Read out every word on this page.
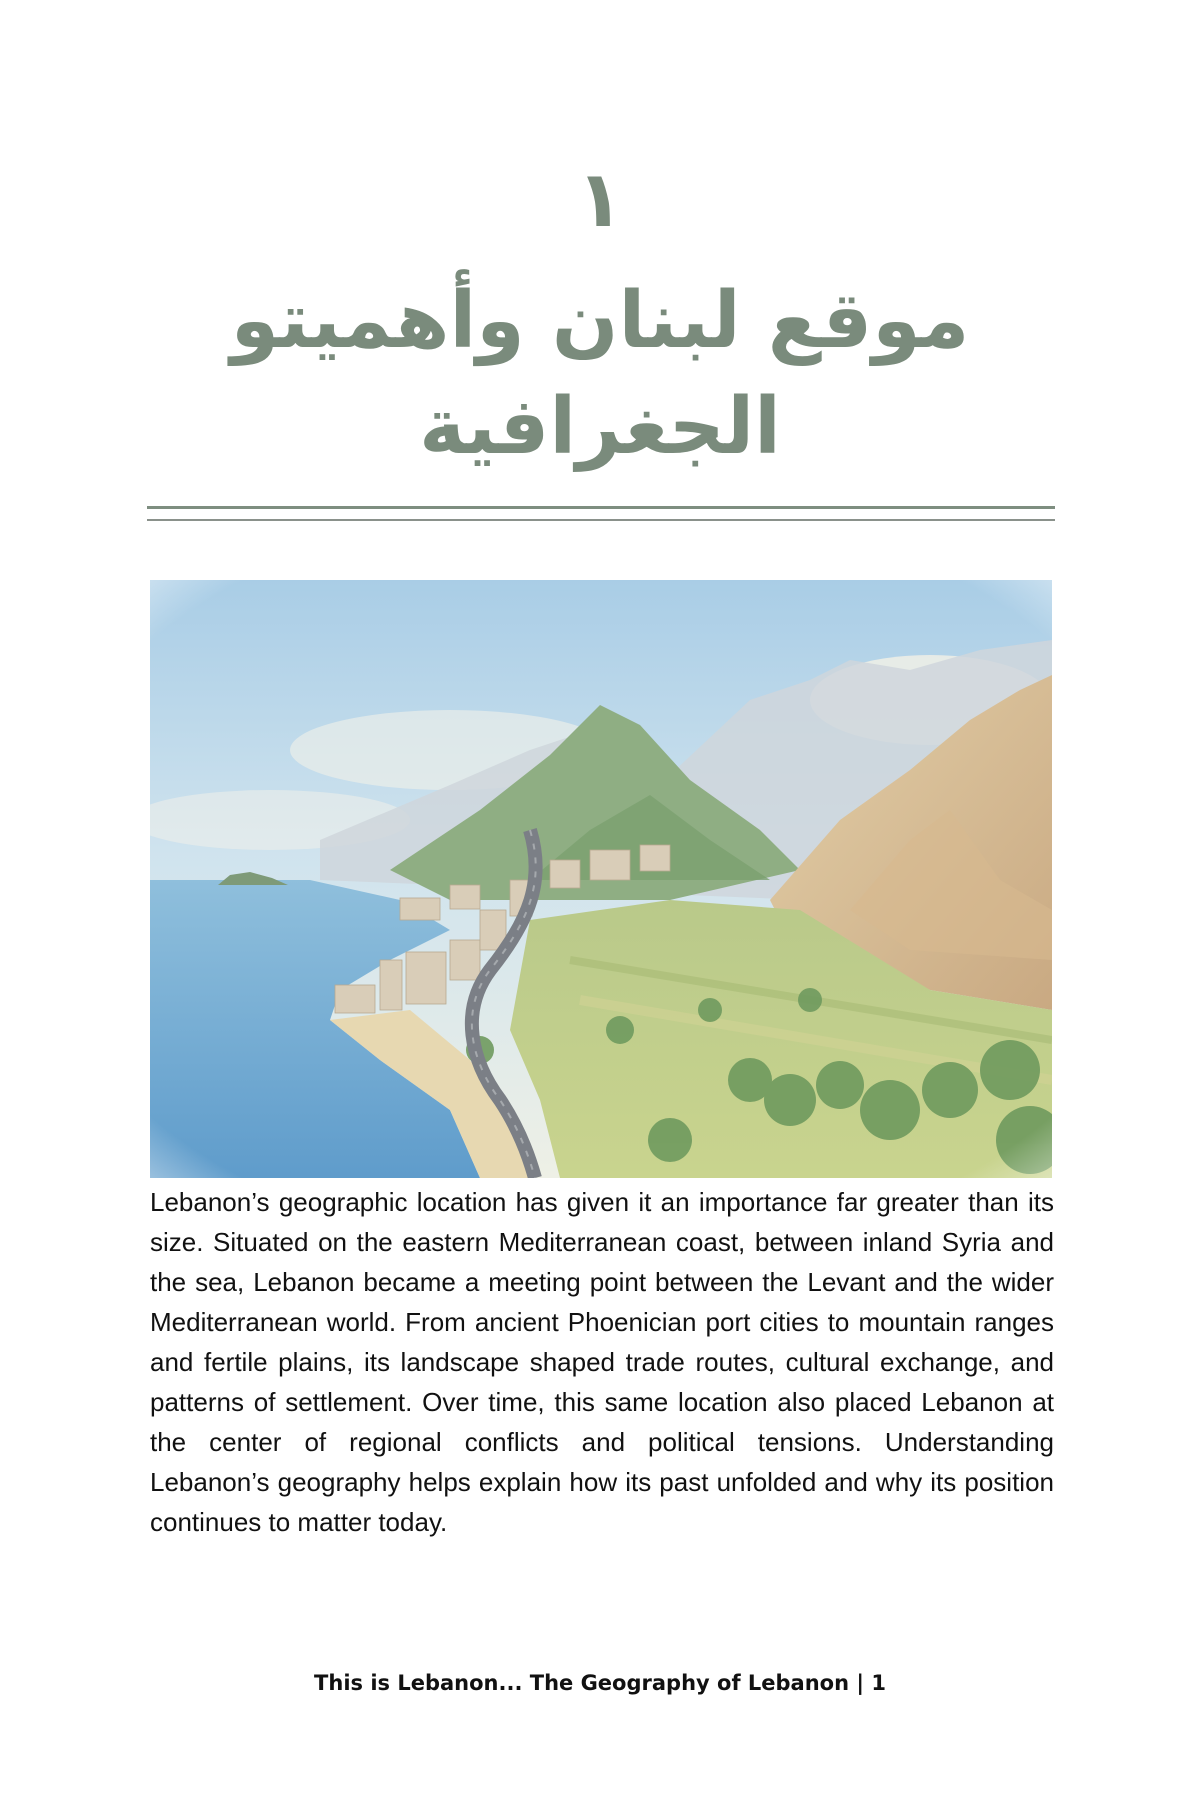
١
موقع لبنان وأهميتو الجغرافية

Lebanon’s geographic location has given it an importance far greater than its size. Situated on the eastern Mediterranean coast, between inland Syria and the sea, Lebanon became a meeting point between the Levant and the wider Mediterranean world. From ancient Phoenician port cities to mountain ranges and fertile plains, its landscape shaped trade routes, cultural exchange, and patterns of settlement. Over time, this same location also placed Lebanon at the center of regional conflicts and political tensions. Understanding Lebanon’s geography helps explain how its past unfolded and why its position continues to matter today.

This is Lebanon... The Geography of Lebanon | 1
